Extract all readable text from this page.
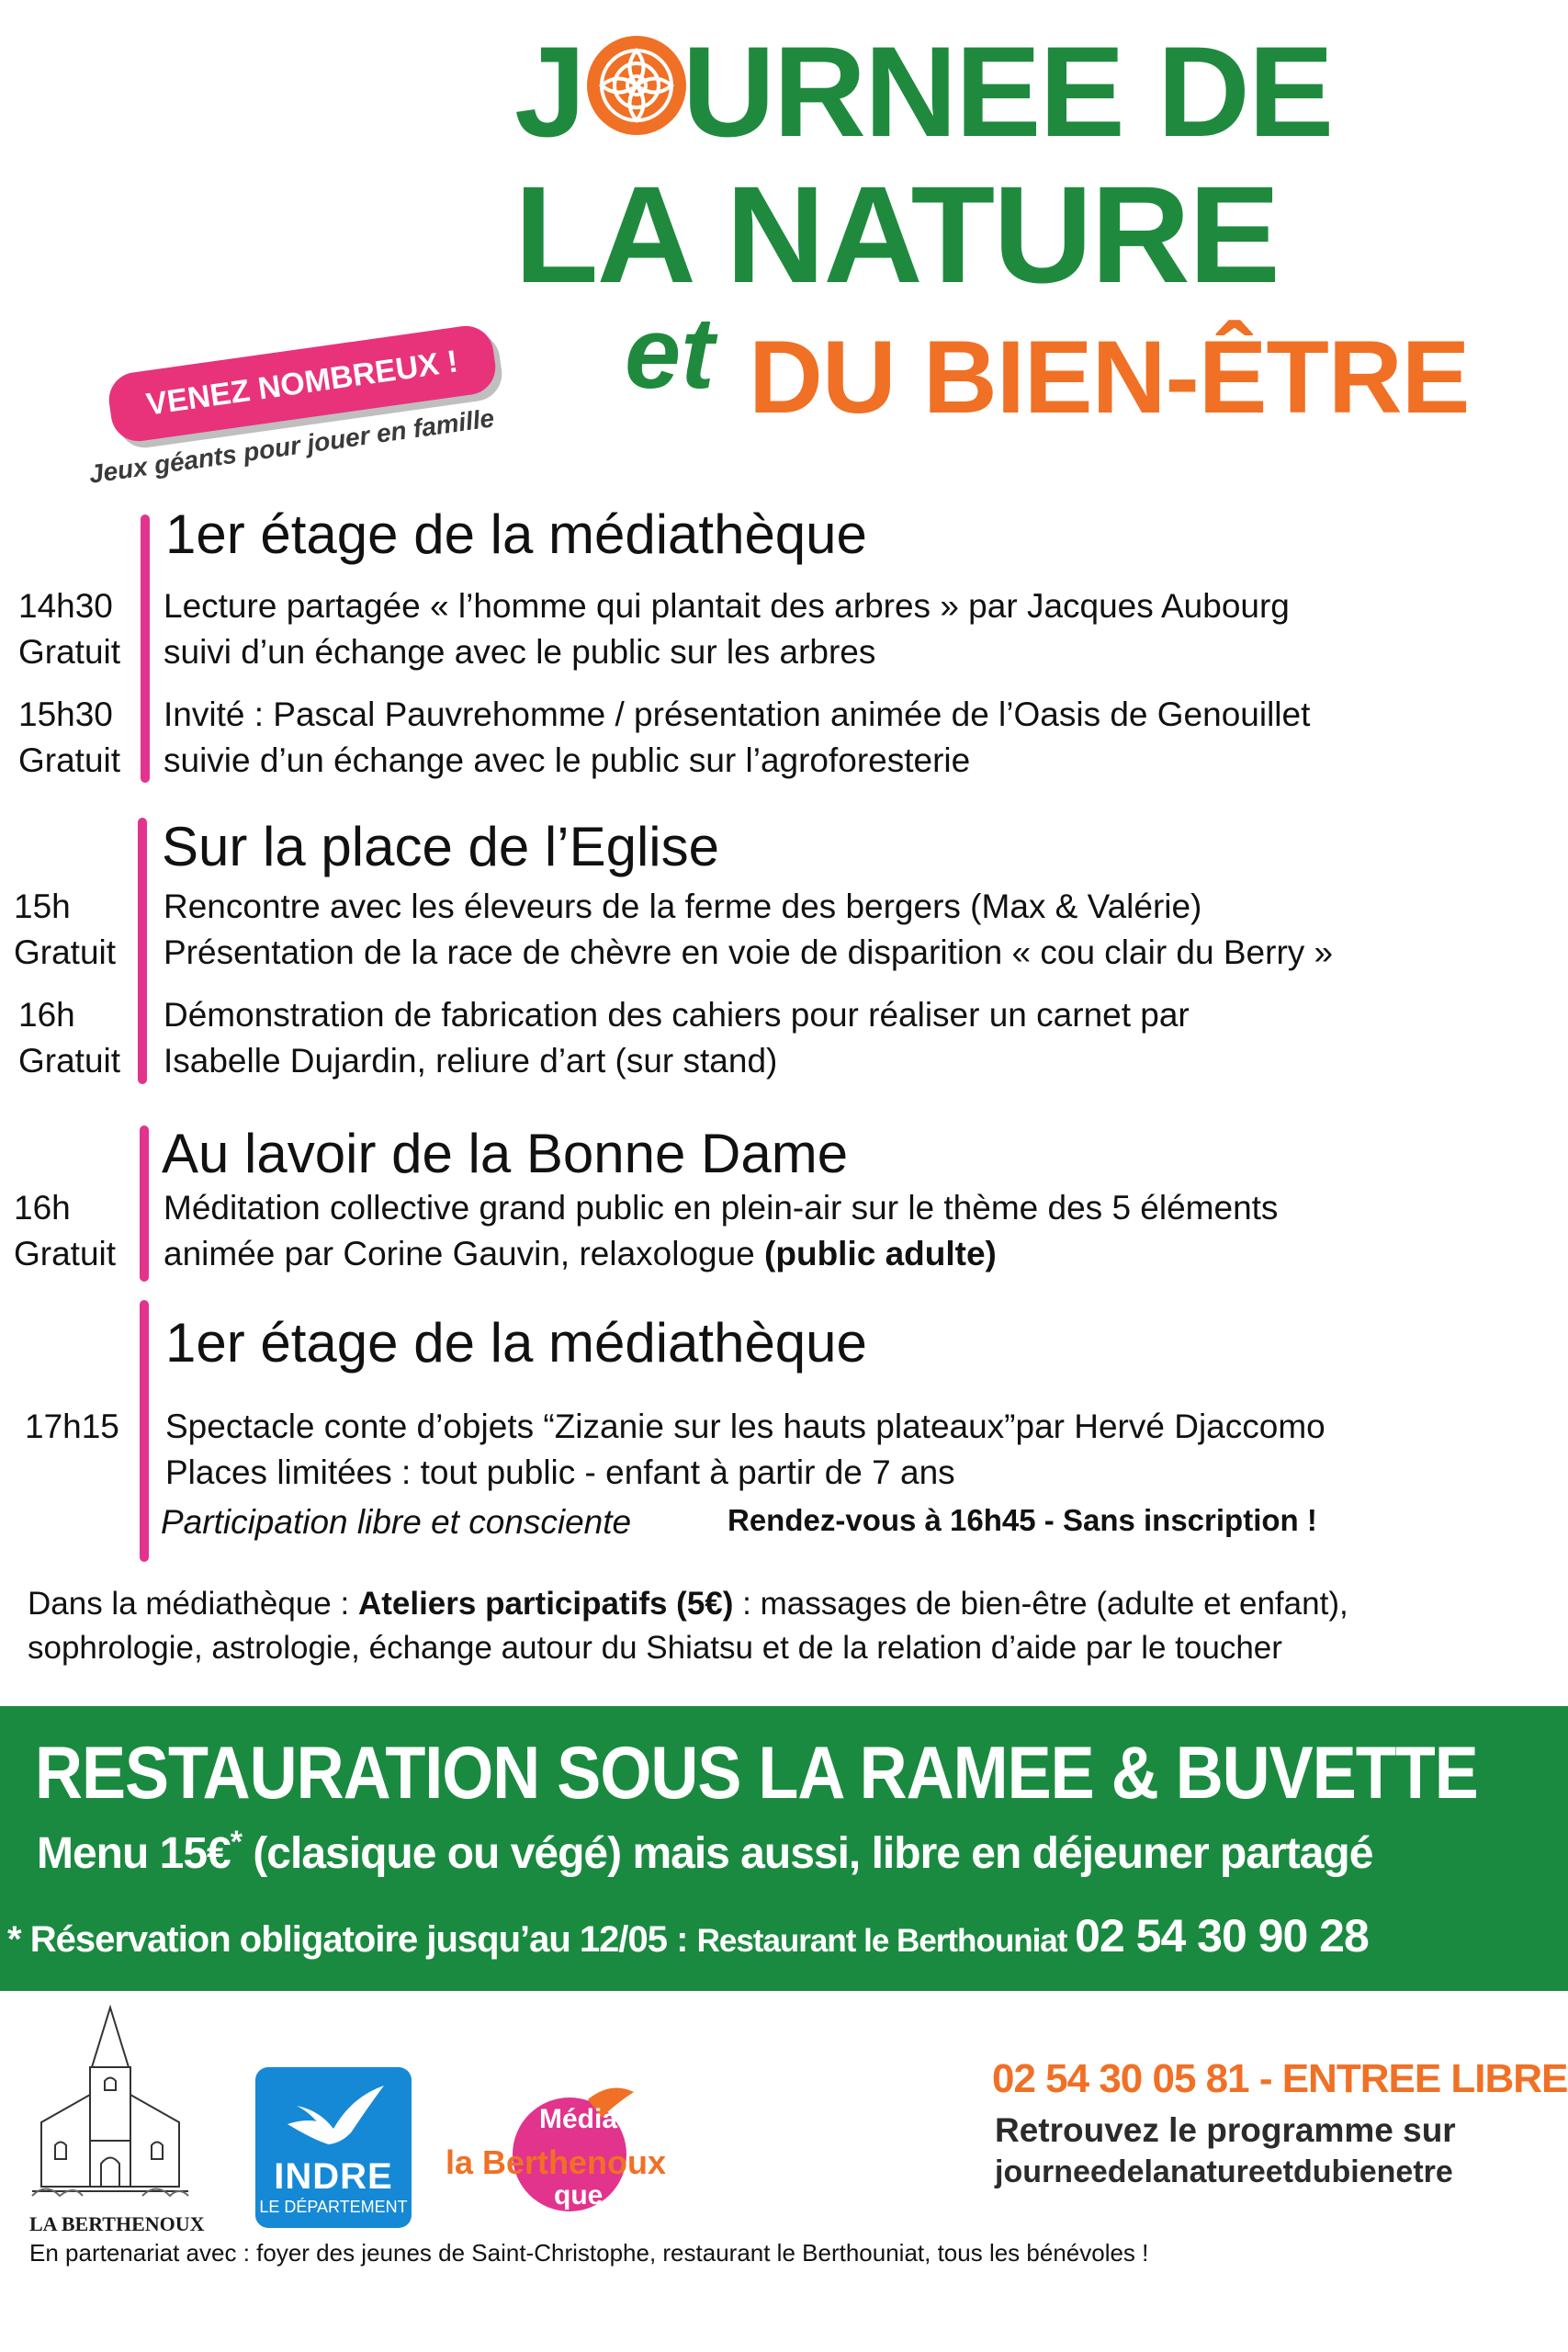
J URNEE DE
LA NATURE
et DU BIEN-ÊTRE
VENEZ NOMBREUX !
Jeux géants pour jouer en famille
1er étage de la médiathèque
14h30
Gratuit
Lecture partagée « l’homme qui plantait des arbres » par Jacques Aubourg
suivi d’un échange avec le public sur les arbres
15h30
Gratuit
Invité : Pascal Pauvrehomme / présentation animée de l’Oasis de Genouillet
suivie d’un échange avec le public sur l’agroforesterie
Sur la place de l’Eglise
15h
Gratuit
Rencontre avec les éleveurs de la ferme des bergers (Max & Valérie)
Présentation de la race de chèvre en voie de disparition « cou clair du Berry »
16h
Gratuit
Démonstration de fabrication des cahiers pour réaliser un carnet par
Isabelle Dujardin, reliure d’art (sur stand)
Au lavoir de la Bonne Dame
16h
Gratuit
Méditation collective grand public en plein-air sur le thème des 5 éléments
animée par Corine Gauvin, relaxologue (public adulte)
1er étage de la médiathèque
17h15 Spectacle conte d’objets “Zizanie sur les hauts plateaux”par Hervé Djaccomo
Places limitées : tout public - enfant à partir de 7 ans
Participation libre et consciente	Rendez-vous à 16h45 - Sans inscription !
Dans la médiathèque : Ateliers participatifs (5€) : massages de bien-être (adulte et enfant),
sophrologie, astrologie, échange autour du Shiatsu et de la relation d’aide par le toucher
RESTAURATION SOUS LA RAMEE & BUVETTE
Menu 15€* (clasique ou végé) mais aussi, libre en déjeuner partagé
* Réservation obligatoire jusqu’au 12/05 : Restaurant le Berthouniat 02 54 30 90 28
LA BERTHENOUX
INDRE
LE DÉPARTEMENT
Média
la Berthenoux
que
02 54 30 05 81 - ENTREE LIBRE
Retrouvez le programme sur
journeedelanatureetdubienetre
En partenariat avec : foyer des jeunes de Saint-Christophe, restaurant le Berthouniat, tous les bénévoles !
